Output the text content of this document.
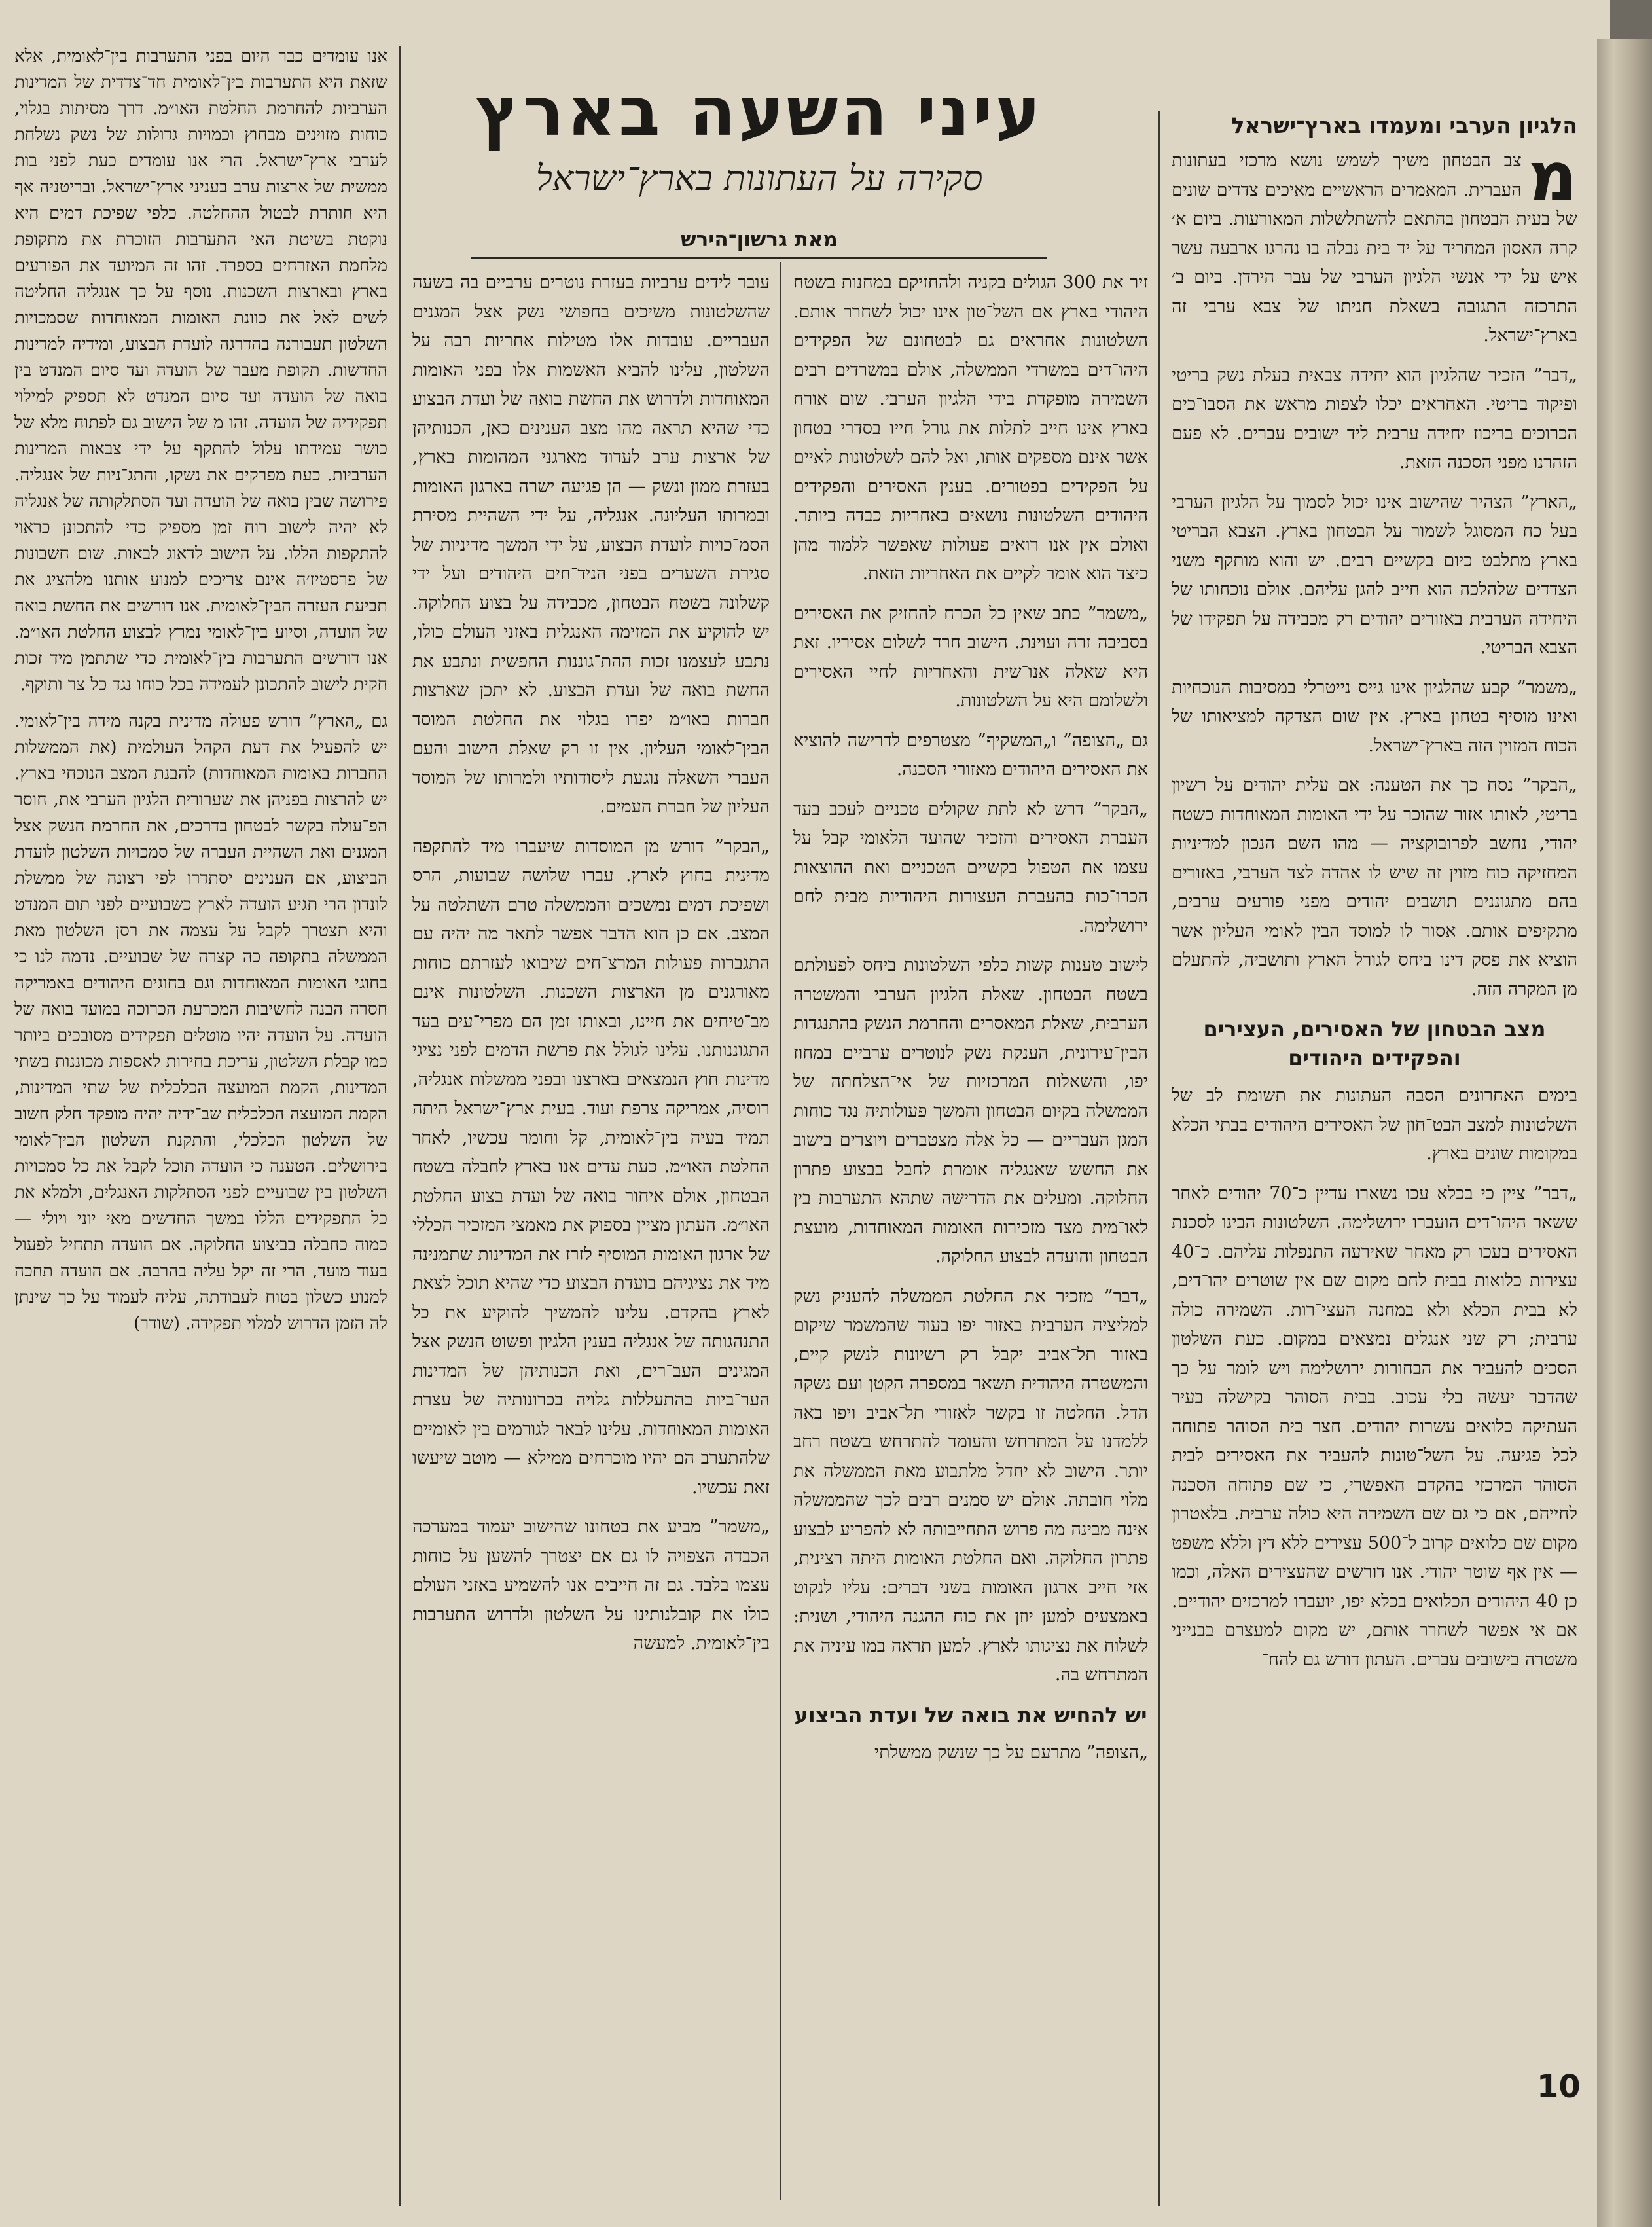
עיני השעה בארץ
סקירה על העתונות בארץ־ישראל
מאת גרשון־הירש
הלגיון הערבי ומעמדו בארץ־ישראל
מ

צב הבטחון משיך לשמש נושא מרכזי בעתונות העברית. המאמרים הראשיים מאיכים צדדים שונים של בעית הבטחון בהתאם להשתלשלות המאורעות. ביום א׳ קרה האסון המחריד על יד בית נבלה בו נהרגו ארבעה עשר איש על ידי אנשי הלגיון הערבי של עבר הירדן. ביום ב׳ התרכזה התגובה בשאלת חניתו של צבא ערבי זה בארץ־ישראל.

„דבר” הזכיר שהלגיון הוא יחידה צבאית בעלת נשק בריטי ופיקוד בריטי. האחראים יכלו לצפות מראש את הסבו־כים הכרוכים בריכוז יחידה ערבית ליד ישובים עברים. לא פעם הזהרנו מפני הסכנה הזאת.

„הארץ” הצהיר שהישוב אינו יכול לסמוך על הלגיון הערבי בעל כח המסוגל לשמור על הבטחון בארץ. הצבא הבריטי בארץ מתלבט כיום בקשיים רבים. יש והוא מותקף משני הצדדים שלהלכה הוא חייב להגן עליהם. אולם נוכחותו של היחידה הערבית באזורים יהודים רק מכבידה על תפקידו של הצבא הבריטי.

„משמר” קבע שהלגיון אינו גייס נייטרלי במסיבות הנוכחיות ואינו מוסיף בטחון בארץ. אין שום הצדקה למציאותו של הכוח המזוין הזה בארץ־ישראל.

„הבקר” נסח כך את הטענה: אם עלית יהודים על רשיון בריטי, לאותו אזור שהוכר על ידי האומות המאוחדות כשטח יהודי, נחשב לפרובוקציה — מהו השם הנכון למדיניות המחזיקה כוח מזוין זה שיש לו אהדה לצד הערבי, באזורים בהם מתגוננים תושבים יהודים מפני פורעים ערבים, מתקיפים אותם. אסור לו למוסד הבין לאומי העליון אשר הוציא את פסק דינו ביחס לגורל הארץ ותושביה, להתעלם מן המקרה הזה.

מצב הבטחון של האסירים, העצירים והפקידים היהודים

בימים האחרונים הסבה העתונות את תשומת לב של השלטונות למצב הבט־חון של האסירים היהודים בבתי הכלא במקומות שונים בארץ.

„דבר” ציין כי בכלא עכו נשארו עדיין כ־70 יהודים לאחר ששאר היהו־דים הועברו ירושלימה. השלטונות הבינו לסכנת האסירים בעכו רק מאחר שאירעה התנפלות עליהם. כ־40 עצירות כלואות בבית לחם מקום שם אין שוטרים יהו־דים, לא בבית הכלא ולא במחנה העצי־רות. השמירה כולה ערבית; רק שני אנגלים נמצאים במקום. כעת השלטון הסכים להעביר את הבחורות ירושלימה ויש לומר על כך שהדבר יעשה בלי עכוב. בבית הסוהר בקישלה בעיר העתיקה כלואים עשרות יהודים. חצר בית הסוהר פתוחה לכל פגיעה. על השל־טונות להעביר את האסירים לבית הסוהר המרכזי בהקדם האפשרי, כי שם פתוחה הסכנה לחייהם, אם כי גם שם השמירה היא כולה ערבית. בלאטרון מקום שם כלואים קרוב ל־500 עצירים ללא דין וללא משפט — אין אף שוטר יהודי. אנו דורשים שהעצירים האלה, וכמו כן 40 היהודים הכלואים בכלא יפו, יועברו למרכזים יהודיים. אם אי אפשר לשחרר אותם, יש מקום למעצרם בבנייני משטרה בישובים עברים. העתון דורש גם להח־

זיר את 300 הגולים בקניה ולהחזיקם במחנות בשטח היהודי בארץ אם השל־טון אינו יכול לשחרר אותם. השלטונות אחראים גם לבטחונם של הפקידים היהו־דים במשרדי הממשלה, אולם במשרדים רבים השמירה מופקדת בידי הלגיון הערבי. שום אורח בארץ אינו חייב לתלות את גורל חייו בסדרי בטחון אשר אינם מספקים אותו, ואל להם לשלטונות לאיים על הפקידים בפטורים. בענין האסירים והפקידים היהודים השלטונות נושאים באחריות כבדה ביותר. ואולם אין אנו רואים פעולות שאפשר ללמוד מהן כיצד הוא אומר לקיים את האחריות הזאת.

„משמר” כתב שאין כל הכרח להחזיק את האסירים בסביבה זרה ועוינת. הישוב חרד לשלום אסיריו. זאת היא שאלה אנו־שית והאחריות לחיי האסירים ולשלומם היא על השלטונות.

גם „הצופה” ו„המשקיף” מצטרפים לדרישה להוציא את האסירים היהודים מאזורי הסכנה.

„הבקר” דרש לא לתת שקולים טכניים לעכב בעד העברת האסירים והזכיר שהועד הלאומי קבל על עצמו את הטפול בקשיים הטכניים ואת ההוצאות הכרו־כות בהעברת העצורות היהודיות מבית לחם ירושלימה.

לישוב טענות קשות כלפי השלטונות ביחס לפעולתם בשטח הבטחון. שאלת הלגיון הערבי והמשטרה הערבית, שאלת המאסרים והחרמת הנשק בהתנגדות הבין־עירונית, הענקת נשק לנוטרים ערביים במחוז יפו, והשאלות המרכזיות של אי־הצלחתה של הממשלה בקיום הבטחון והמשך פעולותיה נגד כוחות המגן העבריים — כל אלה מצטברים ויוצרים בישוב את החשש שאנגליה אומרת לחבל בבצוע פתרון החלוקה. ומעלים את הדרישה שתהא התערבות בין לאו־מית מצד מזכירות האומות המאוחדות, מועצת הבטחון והועדה לבצוע החלוקה.

„דבר” מזכיר את החלטת הממשלה להעניק נשק למליציה הערבית באזור יפו בעוד שהמשמר שיקום באזור תל־אביב יקבל רק רשיונות לנשק קיים, והמשטרה היהודית תשאר במספרה הקטן ועם נשקה הדל. החלטה זו בקשר לאזורי תל־אביב ויפו באה ללמדנו על המתרחש והעומד להתרחש בשטח רחב יותר. הישוב לא יחדל מלתבוע מאת הממשלה את מלוי חובתה. אולם יש סמנים רבים לכך שהממשלה אינה מבינה מה פרוש התחייבותה לא להפריע לבצוע פתרון החלוקה. ואם החלטת האומות היתה רצינית, אזי חייב ארגון האומות בשני דברים: עליו לנקוט באמצעים למען יוזן את כוח ההגנה היהודי, ושנית: לשלוח את נציגותו לארץ. למען תראה במו עיניה את המתרחש בה.

יש להחיש את בואה של ועדת הביצוע

„הצופה” מתרעם על כך שנשק ממשלתי

עובר לידים ערביות בעזרת נוטרים ערביים בה בשעה שהשלטונות משיכים בחפושי נשק אצל המגנים העבריים. עובדות אלו מטילות אחריות רבה על השלטון, עלינו להביא האשמות אלו בפני האומות המאוחדות ולדרוש את החשת בואה של ועדת הבצוע כדי שהיא תראה מהו מצב הענינים כאן, הכנותיהן של ארצות ערב לעדוד מארגני המהומות בארץ, בעזרת ממון ונשק — הן פגיעה ישרה בארגון האומות ובמרותו העליונה. אנגליה, על ידי השהיית מסירת הסמ־כויות לועדת הבצוע, על ידי המשך מדיניות של סגירת השערים בפני הניד־חים היהודים ועל ידי קשלונה בשטח הבטחון, מכבידה על בצוע החלוקה. יש להוקיע את המזימה האנגלית באזני העולם כולו, נתבע לעצמנו זכות ההת־גוננות החפשית ונתבע את החשת בואה של ועדת הבצוע. לא יתכן שארצות חברות באו״מ יפרו בגלוי את החלטת המוסד הבין־לאומי העליון. אין זו רק שאלת הישוב והעם העברי השאלה נוגעת ליסודותיו ולמרותו של המוסד העליון של חברת העמים.

„הבקר” דורש מן המוסדות שיעברו מיד להתקפה מדינית בחוץ לארץ. עברו שלושה שבועות, הרס ושפיכת דמים נמשכים והממשלה טרם השתלטה על המצב. אם כן הוא הדבר אפשר לתאר מה יהיה עם התגברות פעולות המרצ־חים שיבואו לעזרתם כוחות מאורגנים מן הארצות השכנות. השלטונות אינם מב־טיחים את חיינו, ובאותו זמן הם מפרי־עים בעד התגוננותנו. עלינו לגולל את פרשת הדמים לפני נציגי מדינות חוץ הנמצאים בארצנו ובפני ממשלות אנגליה, רוסיה, אמריקה צרפת ועוד. בעית ארץ־ישראל היתה תמיד בעיה בין־לאומית, קל וחומר עכשיו, לאחר החלטת האו״מ. כעת עדים אנו בארץ לחבלה בשטח הבטחון, אולם איחור בואה של ועדת בצוע החלטת האו״מ. העתון מציין בספוק את מאמצי המזכיר הכללי של ארגון האומות המוסיף לזרז את המדינות שתמנינה מיד את נציגיהם בועדת הבצוע כדי שהיא תוכל לצאת לארץ בהקדם. עלינו להמשיך להוקיע את כל התנהגותה של אנגליה בענין הלגיון ופשוט הנשק אצל המגינים העב־רים, ואת הכנותיהן של המדינות הער־ביות בהתעללות גלויה בכרונותיה של עצרת האומות המאוחדות. עלינו לבאר לגורמים בין לאומיים שלהתערב הם יהיו מוכרחים ממילא — מוטב שיעשו זאת עכשיו.

„משמר” מביע את בטחונו שהישוב יעמוד במערכה הכבדה הצפויה לו גם אם יצטרך להשען על כוחות עצמו בלבד. גם זה חייבים אנו להשמיע באזני העולם כולו את קובלנותינו על השלטון ולדרוש התערבות בין־לאומית. למעשה

אנו עומדים כבר היום בפני התערבות בין־לאומית, אלא שזאת היא התערבות בין־לאומית חד־צדדית של המדינות הערביות להחרמת החלטת האו״מ. דרך מסיתות בגלוי, כוחות מזוינים מבחוץ וכמויות גדולות של נשק נשלחת לערבי ארץ־ישראל. הרי אנו עומדים כעת לפני בות ממשית של ארצות ערב בעניני ארץ־ישראל. ובריטניה אף היא חותרת לבטול ההחלטה. כלפי שפיכת דמים היא נוקטת בשיטת האי התערבות הזוכרת את מתקופת מלחמת האזרחים בספרד. זהו זה המיועד את הפורעים בארץ ובארצות השכנות. נוסף על כך אנגליה החליטה לשים לאל את כוונת האומות המאוחדות שסמכויות השלטון תעבורנה בהדרגה לועדת הבצוע, ומידיה למדינות החדשות. תקופת מעבר של הועדה ועד סיום המנדט בין בואה של הועדה ועד סיום המנדט לא תספיק למילוי תפקידיה של הועדה. זהו מ של הישוב גם לפתוח מלא של כושר עמידתו עלול להתקף על ידי צבאות המדינות הערביות. כעת מפרקים את נשקו, והתג־ניות של אנגליה. פירושה שבין בואה של הועדה ועד הסתלקותה של אנגליה לא יהיה לישוב רוח זמן מספיק כדי להתכונן כראוי להתקפות הללו. על הישוב לדאוג לבאות. שום חשבונות של פרסטיז׳ה אינם צריכים למנוע אותנו מלהציג את תביעת העזרה הבין־לאומית. אנו דורשים את החשת בואה של הועדה, וסיוע בין־לאומי נמרץ לבצוע החלטת האו״מ. אנו דורשים התערבות בין־לאומית כדי שתתמן מיד זכות חקית לישוב להתכונן לעמידה בכל כוחו נגד כל צר ותוקף.

גם „הארץ” דורש פעולה מדינית בקנה מידה בין־לאומי. יש להפעיל את דעת הקהל העולמית (את הממשלות החברות באומות המאוחדות) להבנת המצב הנוכחי בארץ. יש להרצות בפניהן את שערורית הלגיון הערבי את, חוסר הפ־עולה בקשר לבטחון בדרכים, את החרמת הנשק אצל המגנים ואת השהיית העברה של סמכויות השלטון לועדת הביצוע, אם הענינים יסתדרו לפי רצונה של ממשלת לונדון הרי תגיע הועדה לארץ כשבועיים לפני תום המנדט והיא תצטרך לקבל על עצמה את רסן השלטון מאת הממשלה בתקופה כה קצרה של שבועיים. נדמה לנו כי בחוגי האומות המאוחדות וגם בחוגים היהודים באמריקה חסרה הבנה לחשיבות המכרעת הכרוכה במועד בואה של הועדה. על הועדה יהיו מוטלים תפקידים מסובכים ביותר כמו קבלת השלטון, עריכת בחירות לאספות מכוננות בשתי המדינות, הקמת המועצה הכלכלית של שתי המדינות, הקמת המועצה הכלכלית שב־ידיה יהיה מופקד חלק חשוב של השלטון הכלכלי, והתקנת השלטון הבין־לאומי בירושלים. הטענה כי הועדה תוכל לקבל את כל סמכויות השלטון בין שבועיים לפני הסתלקות האנגלים, ולמלא את כל התפקידים הללו במשך החדשים מאי יוני ויולי — כמוה כחבלה בביצוע החלוקה. אם הועדה תתחיל לפעול בעוד מועד, הרי זה יקל עליה בהרבה. אם הועדה תחכה למנוע כשלון בטוח לעבודתה, עליה לעמוד על כך שינתן לה הזמן הדרוש למלוי תפקידה. (שודר)

10
